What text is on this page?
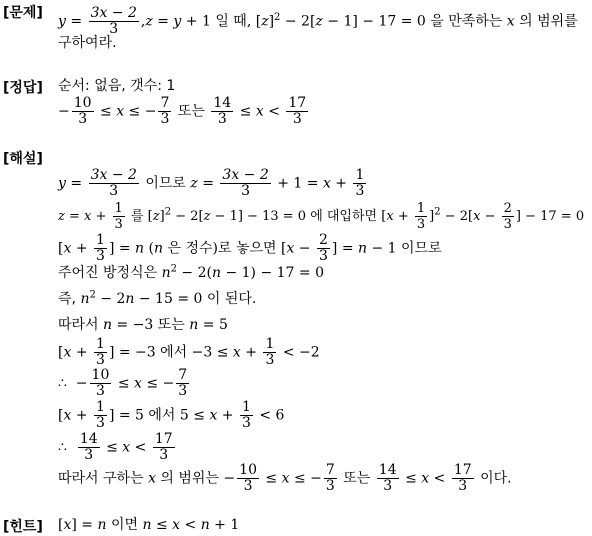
[문제]
$y = \frac{3x - 2}{3} ,z = y + 1$ 일 때, $[z]^2 - 2[z - 1] - 17 = 0$ 을 만족하는 x 의 범위를
구하여라.
[정답] 순서: 없음, 갯수: 1
− $\frac{10}{3} \le x$ ≤ − $\frac{7}{3}$ 또는 $\frac{14}{3} \le x < \frac{17}{3}$
[해설]
$y = \frac{3x - 2}{3}$ 이므로 $z = \frac{3x - 2}{3} + 1 = x + \frac{1}{3}$
$z = x + \frac{1}{3}$ 를 $[z]^2 - 2[z - 1] - 13 = 0$ 에 대입하면 $[x + \frac{1}{3} ]^2 - 2[x - \frac{2}{3}$ ] − 17 = 0
[$x + \frac{1}{3}$ ] = n (n 은 정수)로 놓으면 [$x - \frac{2}{3}$ ] = n − 1 이므로
주어진 방정식은 $n^2 - 2(n - 1) - 17 = 0$
즉, $n^2 - 2n - 15 = 0$ 이 된다.
따라서 n = −3 또는 n = 5
[$x + \frac{1}{3}$ ] = −3 에서 $-3 \le x + \frac{1}{3} < -2$
∴  − $\frac{10}{3} \le x$ ≤ − $\frac{7}{3}$
[$x + \frac{1}{3}$ ] = 5 에서 $5 \le x + \frac{1}{3} < 6$
∴ $\frac{14}{3} \le x < \frac{17}{3}$
따라서 구하는 x 의 범위는 − $\frac{10}{3} \le x$ ≤ − $\frac{7}{3}$ 또는 $\frac{14}{3} \le x < \frac{17}{3}$ 이다.
[힌트] [x] = n 이면 n ≤ x < n + 1
